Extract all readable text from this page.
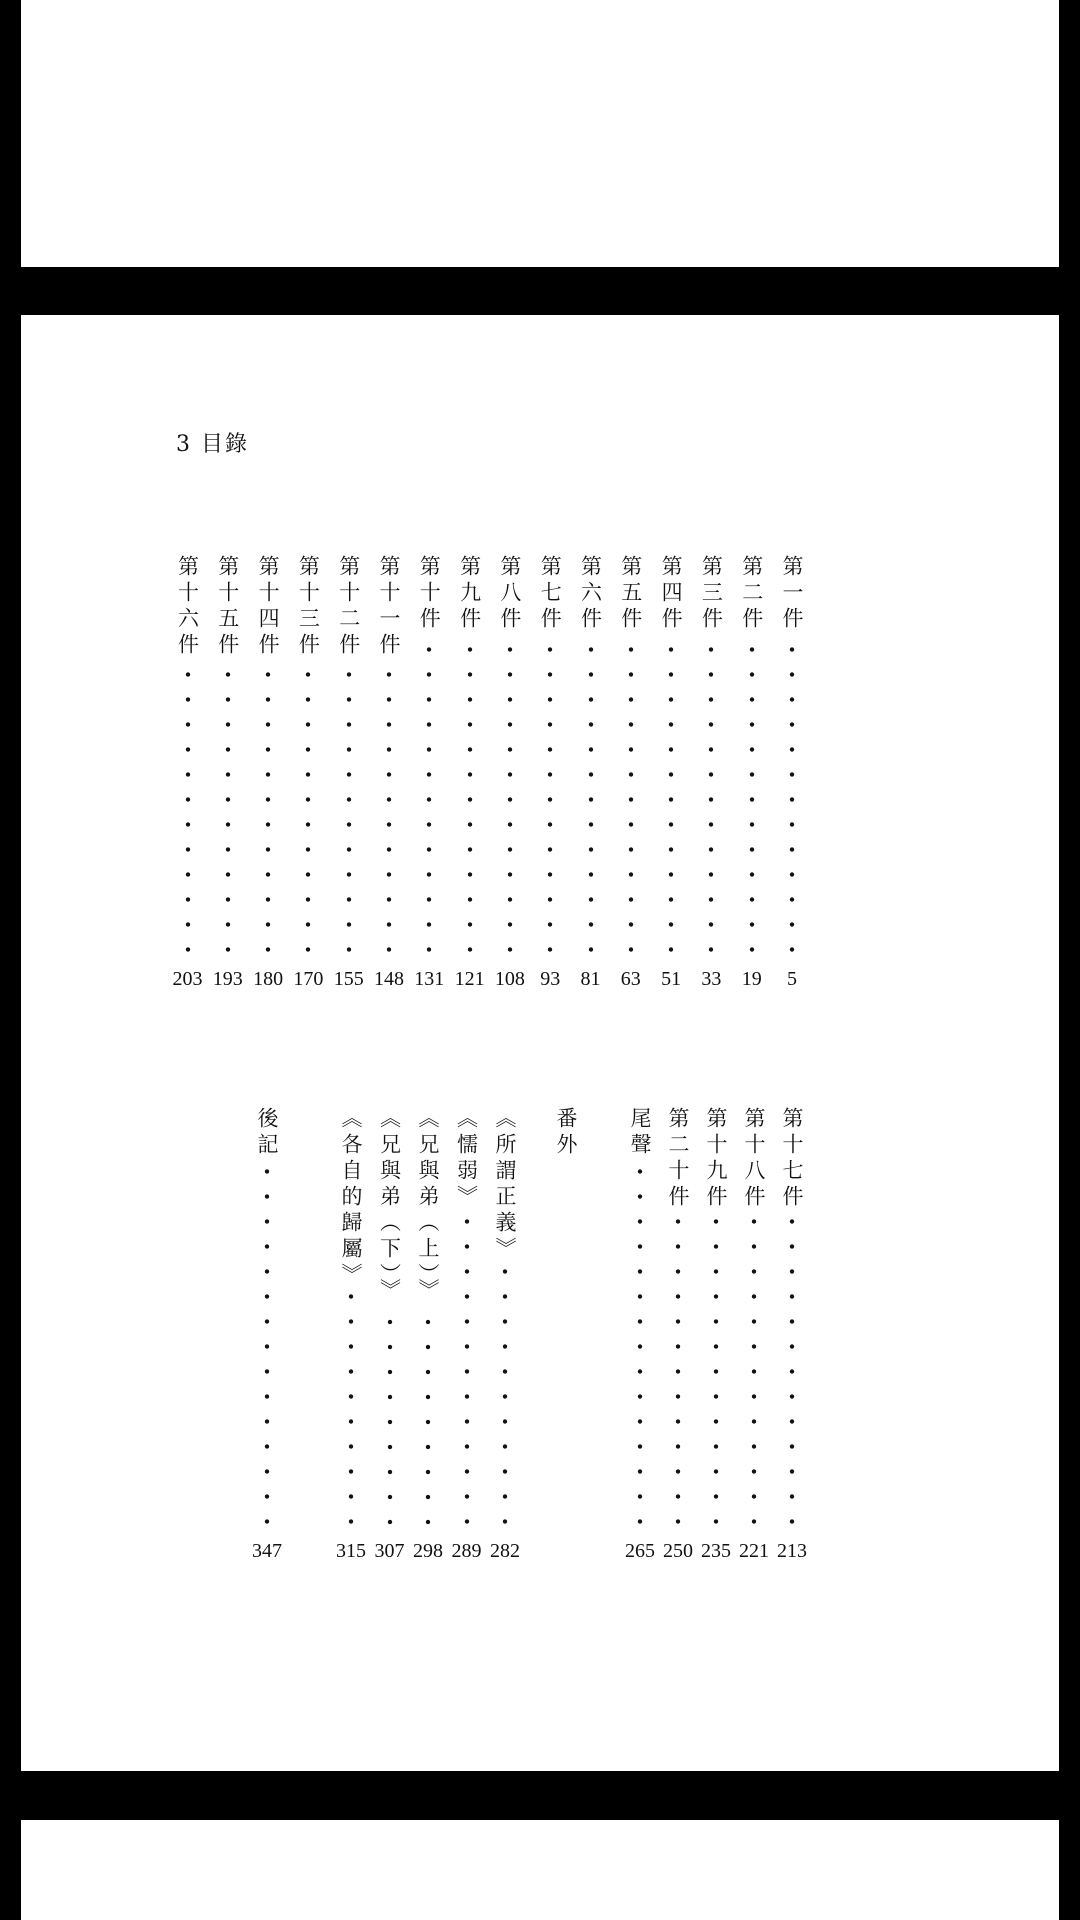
3 目錄
第一件
5
第二件
19
第三件
33
第四件
51
第五件
63
第六件
81
第七件
93
第八件
108
第九件
121
第十件
131
第十一件
148
第十二件
155
第十三件
170
第十四件
180
第十五件
193
第十六件
203
第十七件
213
第十八件
221
第十九件
235
第二十件
250
尾聲
265
番外
《所謂正義》
282
《懦弱》
289
《兄與弟（上）》
298
《兄與弟（下）》
307
《各自的歸屬》
315
後記
347
